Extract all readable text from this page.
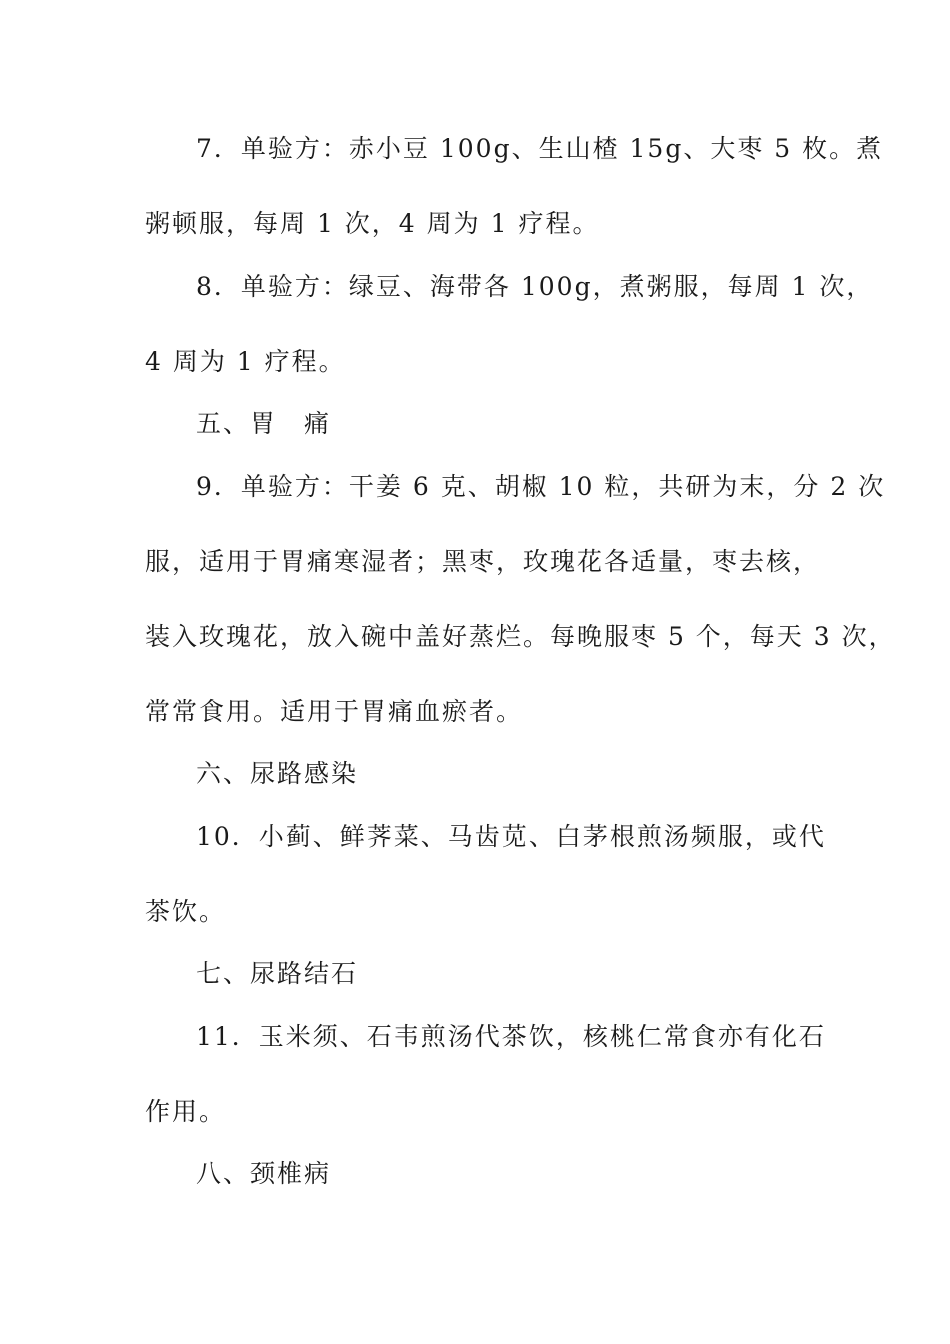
7．单验方：赤小豆 100g、生山楂 15g、大枣 5 枚。煮
粥顿服，每周 1 次，4 周为 1 疗程。
8．单验方：绿豆、海带各 100g，煮粥服，每周 1 次，
4 周为 1 疗程。
五、胃　痛
9．单验方：干姜 6 克、胡椒 10 粒，共研为末，分 2 次
服，适用于胃痛寒湿者；黑枣，玫瑰花各适量，枣去核，
装入玫瑰花，放入碗中盖好蒸烂。每晚服枣 5 个，每天 3 次，
常常食用。适用于胃痛血瘀者。
六、尿路感染
10．小蓟、鲜荠菜、马齿苋、白茅根煎汤频服，或代
茶饮。
七、尿路结石
11．玉米须、石韦煎汤代茶饮，核桃仁常食亦有化石
作用。
八、颈椎病
